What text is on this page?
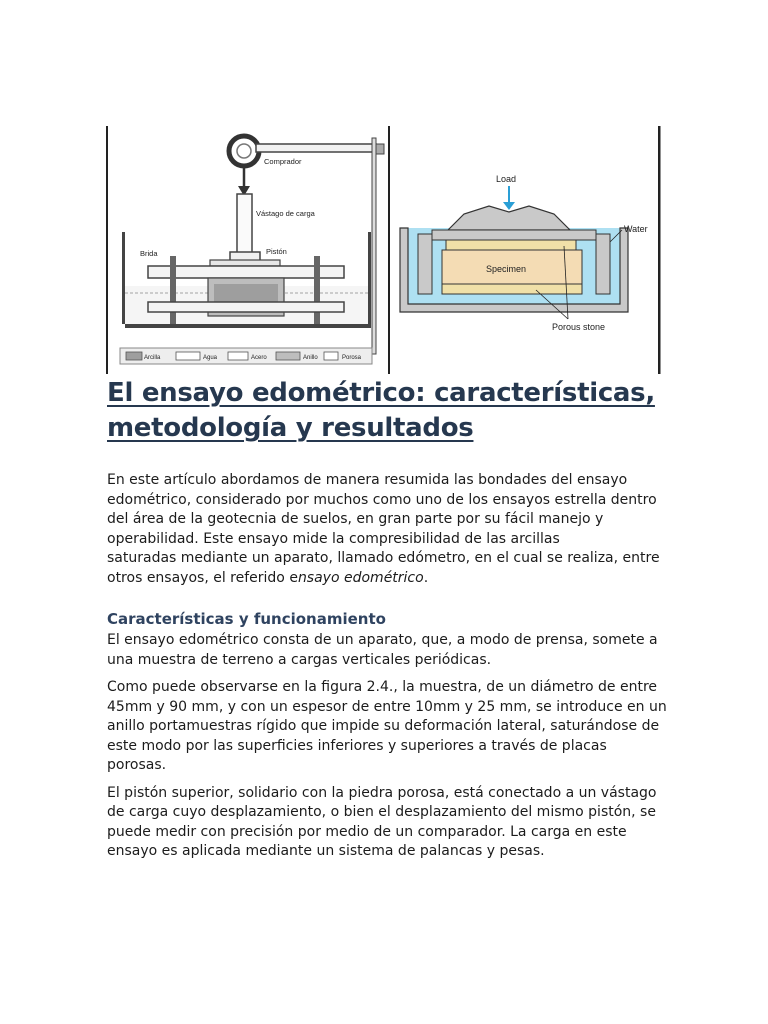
Comprador
Vástago de carga
Brida	Pistón
Arcilla	Agua	Acero	Anillo	Porosa
Load
Water
Specimen
Porous stone
El ensayo edométrico: características, metodología y resultados

En este artículo abordamos de manera resumida las bondades del ensayo

edométrico, considerado por muchos como uno de los ensayos estrella dentro

del área de la geotecnia de suelos, en gran parte por su fácil manejo y

operabilidad. Este ensayo mide la compresibilidad de las arcillas

saturadas mediante un aparato, llamado edómetro, en el cual se realiza, entre

otros ensayos, el referido ensayo edométrico.

Características y funcionamiento

El ensayo edométrico consta de un aparato, que, a modo de prensa, somete a

una muestra de terreno a cargas verticales periódicas.

Como puede observarse en la figura 2.4., la muestra, de un diámetro de entre

45mm y 90 mm, y con un espesor de entre 10mm y 25 mm, se introduce en un

anillo portamuestras rígido que impide su deformación lateral, saturándose de

este modo por las superficies inferiores y superiores a través de placas porosas.

El pistón superior, solidario con la piedra porosa, está conectado a un vástago

de carga cuyo desplazamiento, o bien el desplazamiento del mismo pistón, se

puede medir con precisión por medio de un comparador. La carga en este

ensayo es aplicada mediante un sistema de palancas y pesas.
